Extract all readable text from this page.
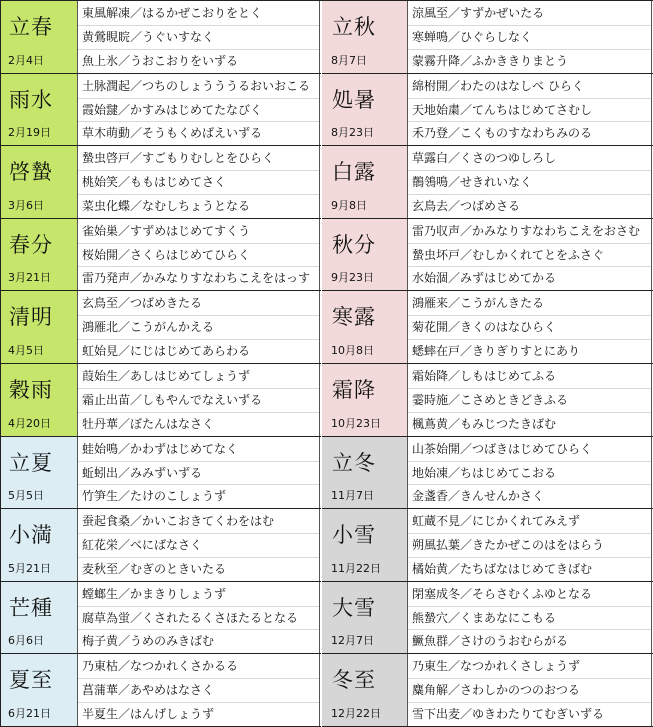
立春
2月4日
東風解凍／はるかぜこおりをとく
黄鶯睍睆／うぐいすなく
魚上氷／うおこおりをいずる
雨水
2月19日
土脉潤起／つちのしょうううるおいおこる
霞始靆／かすみはじめてたなびく
草木萌動／そうもくめばえいずる
啓蟄
3月6日
蟄虫啓戸／すごもりむしとをひらく
桃始笑／ももはじめてさく
菜虫化蝶／なむしちょうとなる
春分
3月21日
雀始巣／すずめはじめてすくう
桜始開／さくらはじめてひらく
雷乃発声／かみなりすなわちこえをはっす
清明
4月5日
玄鳥至／つばめきたる
鴻雁北／こうがんかえる
虹始見／にじはじめてあらわる
穀雨
4月20日
葭始生／あしはじめてしょうず
霜止出苗／しもやんでなえいずる
牡丹華／ぼたんはなさく
立夏
5月5日
蛙始鳴／かわずはじめてなく
蚯蚓出／みみずいずる
竹笋生／たけのこしょうず
小満
5月21日
蚕起食桑／かいこおきてくわをはむ
紅花栄／べにばなさく
麦秋至／むぎのときいたる
芒種
6月6日
螳螂生／かまきりしょうず
腐草為蛍／くされたるくさほたるとなる
梅子黄／うめのみきばむ
夏至
6月21日
乃東枯／なつかれくさかるる
菖蒲華／あやめはなさく
半夏生／はんげしょうず
立秋
8月7日
涼風至／すずかぜいたる
寒蝉鳴／ひぐらしなく
蒙霧升降／ふかききりまとう
処暑
8月23日
綿柎開／わたのはなしべ ひらく
天地始粛／てんちはじめてさむし
禾乃登／こくものすなわちみのる
白露
9月8日
草露白／くさのつゆしろし
鶺鴒鳴／せきれいなく
玄鳥去／つばめさる
秋分
9月23日
雷乃収声／かみなりすなわちこえをおさむ
蟄虫坏戸／むしかくれてとをふさぐ
水始涸／みずはじめてかる
寒露
10月8日
鴻雁来／こうがんきたる
菊花開／きくのはなひらく
蟋蟀在戸／きりぎりすとにあり
霜降
10月23日
霜始降／しもはじめてふる
霎時施／こさめときどきふる
楓蔦黄／もみじつたきばむ
立冬
11月7日
山茶始開／つばきはじめてひらく
地始凍／ちはじめてこおる
金盞香／きんせんかさく
小雪
11月22日
虹蔵不見／にじかくれてみえず
朔風払葉／きたかぜこのはをはらう
橘始黄／たちばなはじめてきばむ
大雪
12月7日
閉塞成冬／そらさむくふゆとなる
熊蟄穴／くまあなにこもる
鱖魚群／さけのうおむらがる
冬至
12月22日
乃東生／なつかれくさしょうず
麋角解／さわしかのつのおつる
雪下出麦／ゆきわたりてむぎいずる
